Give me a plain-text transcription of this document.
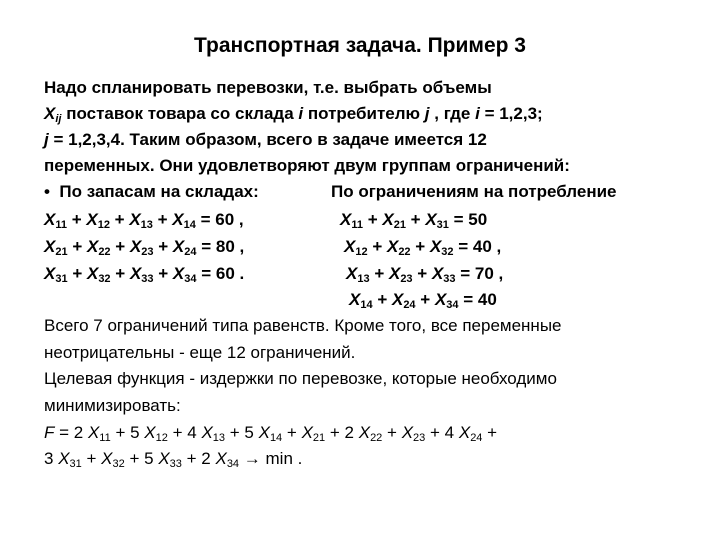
Транспортная задача. Пример 3
Надо спланировать перевозки, т.е. выбрать объемы
$X_{ij}$ поставок товара со склада i потребителю j , где i = 1,2,3;
j = 1,2,3,4. Таким образом, всего в задаче имеется 12
переменных. Они удовлетворяют двум группам ограничений:
• По запасам на складах:	По ограничениям на потребление
$X_{11} + X_{12} + X_{13} + X_{14} = 60$ ,
$X_{21} + X_{22} + X_{23} + X_{24} = 80$ ,
$X_{31} + X_{32} + X_{33} + X_{34} = 60$ .
$X_{11} + X_{21} + X_{31} = 50$
$X_{12} + X_{22} + X_{32} = 40$ ,
$X_{13} + X_{23} + X_{33} = 70$ ,
$X_{14} + X_{24} + X_{34} = 40$
Всего 7 ограничений типа равенств. Кроме того, все переменные
неотрицательны - еще 12 ограничений.
Целевая функция - издержки по перевозке, которые необходимо
минимизировать:
F = 2 $X_{11} + 5$ $X_{12} + 4$ $X_{13} + 5$ $X_{14} + X_{21} + 2$ $X_{22} + X_{23} + 4$ $X_{24}$ +
3 $X_{31} + X_{32} + 5$ $X_{33} + 2$ $X_{34} \to \min$ .
